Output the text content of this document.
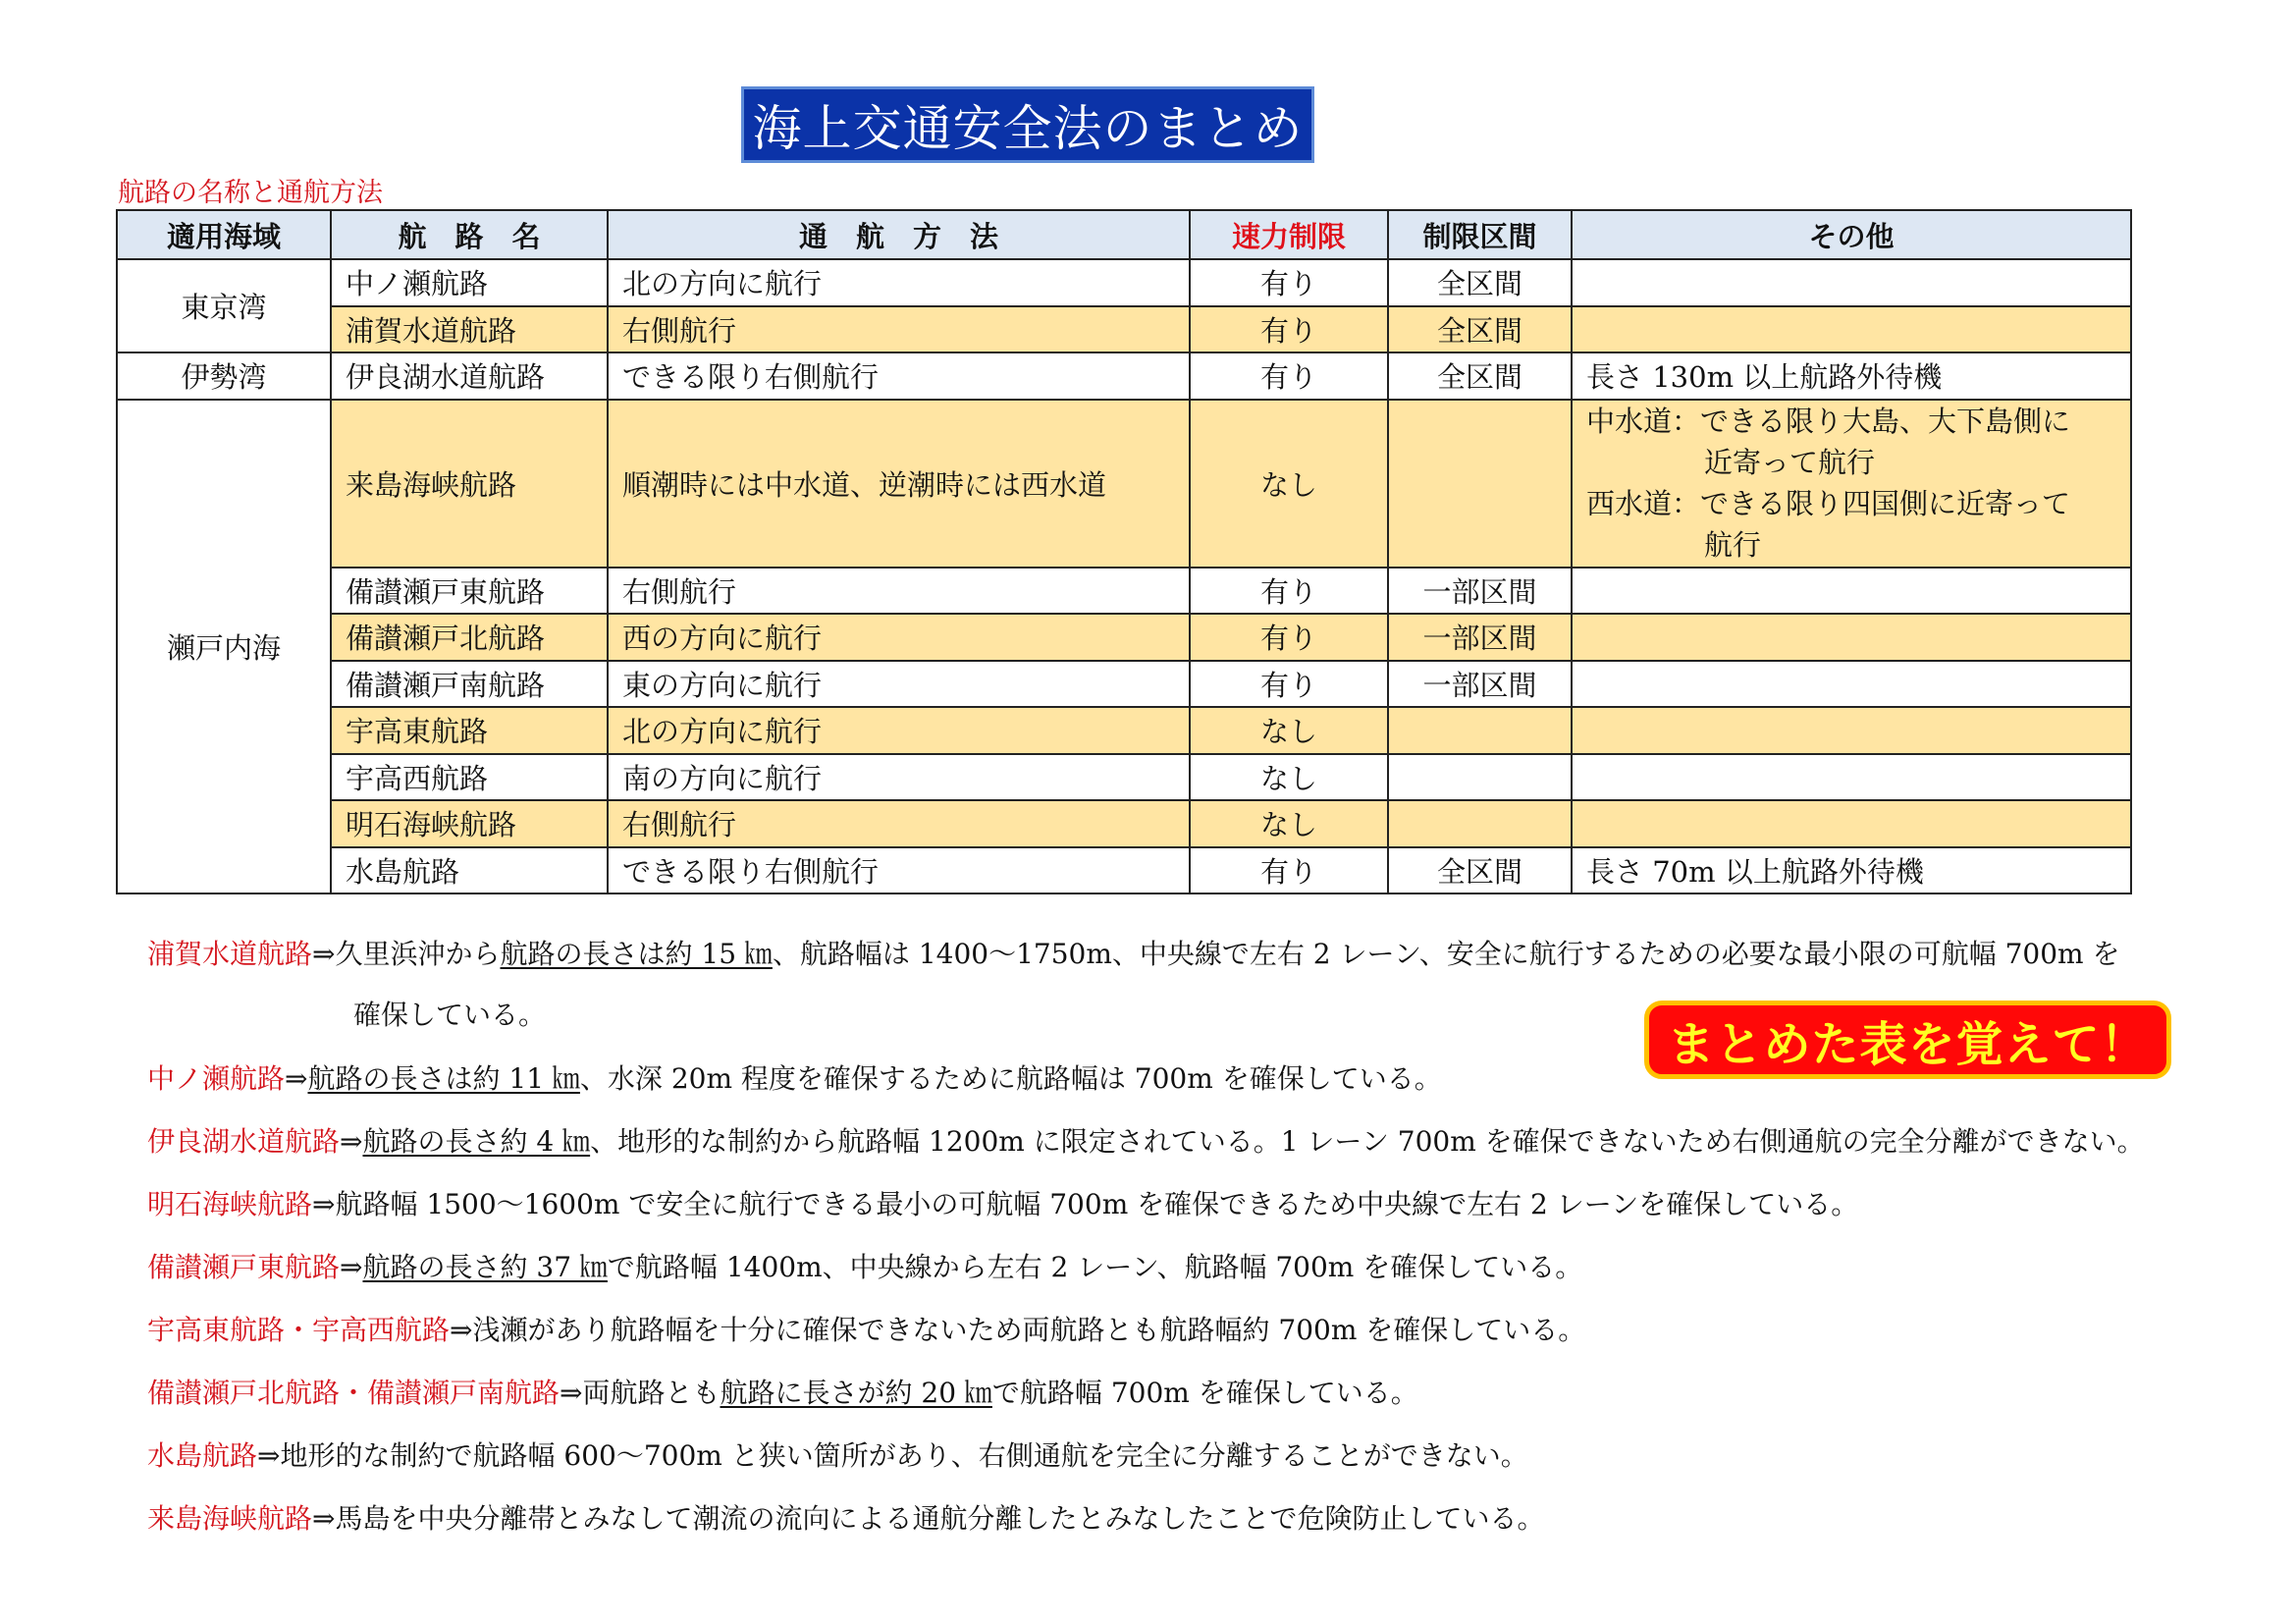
海上交通安全法のまとめ
航路の名称と通航方法
適用海域	航　路　名	通　航　方　法	速力制限	制限区間	その他
東京湾	中ノ瀬航路	北の方向に航行	有り	全区間	
	浦賀水道航路	右側航行	有り	全区間	
伊勢湾	伊良湖水道航路	できる限り右側航行	有り	全区間	長さ 130m 以上航路外待機
瀬戸内海	来島海峡航路	順潮時には中水道、逆潮時には西水道	なし		中水道：できる限り大島、大下島側に
近寄って航行
西水道：できる限り四国側に近寄って
航行

	備讃瀬戸東航路	右側航行	有り	一部区間	
	備讃瀬戸北航路	西の方向に航行	有り	一部区間	
	備讃瀬戸南航路	東の方向に航行	有り	一部区間	
	宇高東航路	北の方向に航行	なし		
	宇高西航路	南の方向に航行	なし		
	明石海峡航路	右側航行	なし		
	水島航路	できる限り右側航行	有り	全区間	長さ 70m 以上航路外待機
浦賀水道航路⇒久里浜沖から航路の長さは約 15 ㎞、航路幅は 1400〜1750m、中央線で左右 2 レーン、安全に航行するための必要な最小限の可航幅 700m を
確保している。
中ノ瀬航路⇒航路の長さは約 11 ㎞、水深 20m 程度を確保するために航路幅は 700m を確保している。
伊良湖水道航路⇒航路の長さ約 4 ㎞、地形的な制約から航路幅 1200m に限定されている。1 レーン 700m を確保できないため右側通航の完全分離ができない。
明石海峡航路⇒航路幅 1500〜1600m で安全に航行できる最小の可航幅 700m を確保できるため中央線で左右 2 レーンを確保している。
備讃瀬戸東航路⇒航路の長さ約 37 ㎞で航路幅 1400m、中央線から左右 2 レーン、航路幅 700m を確保している。
宇高東航路・宇高西航路⇒浅瀬があり航路幅を十分に確保できないため両航路とも航路幅約 700m を確保している。
備讃瀬戸北航路・備讃瀬戸南航路⇒両航路とも航路に長さが約 20 ㎞で航路幅 700m を確保している。
水島航路⇒地形的な制約で航路幅 600〜700m と狭い箇所があり、右側通航を完全に分離することができない。
来島海峡航路⇒馬島を中央分離帯とみなして潮流の流向による通航分離したとみなしたことで危険防止している。
まとめた表を覚えて！
